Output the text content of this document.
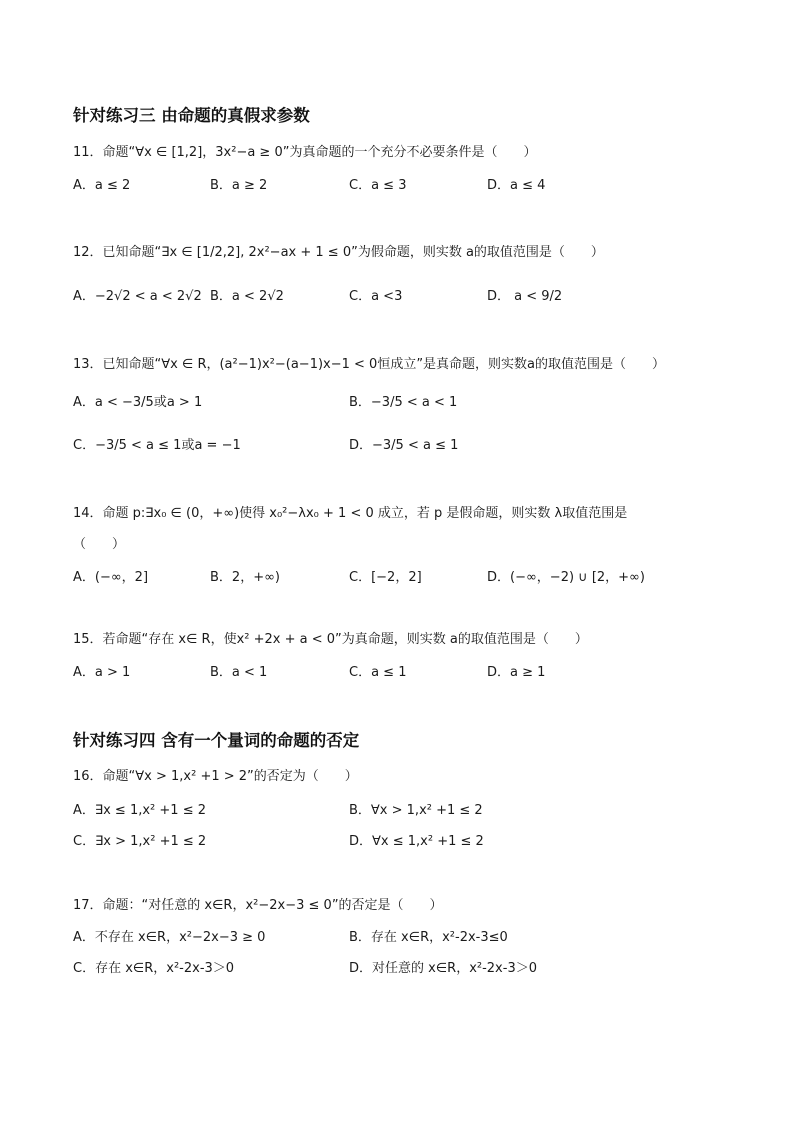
针对练习三 由命题的真假求参数
11．命题“∀x ∈ [1,2]，3x²−a ≥ 0”为真命题的一个充分不必要条件是（　　）
A．a ≤ 2	B．a ≥ 2	C．a ≤ 3	D．a ≤ 4
12．已知命题“∃x ∈ [1/2,2], 2x²−ax + 1 ≤ 0”为假命题，则实数 a的取值范围是（　　）
A．−2√2 < a < 2√2 B．a < 2√2	C．a <3	D． a < 9/2
13．已知命题“∀x ∈ R，(a²−1)x²−(a−1)x−1 < 0恒成立”是真命题，则实数a的取值范围是（　　）
A．a < −3/5或a > 1	B．−3/5 < a < 1
C．−3/5 < a ≤ 1或a = −1	D．−3/5 < a ≤ 1
14．命题 p:∃x₀ ∈ (0，+∞)使得 x₀²−λx₀ + 1 < 0 成立，若 p 是假命题，则实数 λ取值范围是
（　　）
A．(−∞，2]	B．2，+∞)	C．[−2，2]	D．(−∞，−2) ∪ [2，+∞)
15．若命题“存在 x∈ R，使x² +2x + a < 0”为真命题，则实数 a的取值范围是（　　）
A．a > 1	B．a < 1	C．a ≤ 1	D．a ≥ 1
针对练习四 含有一个量词的命题的否定
16．命题“∀x > 1,x² +1 > 2”的否定为（　　）
A．∃x ≤ 1,x² +1 ≤ 2	B．∀x > 1,x² +1 ≤ 2
C．∃x > 1,x² +1 ≤ 2	D．∀x ≤ 1,x² +1 ≤ 2
17．命题：“对任意的 x∈R，x²−2x−3 ≤ 0”的否定是（　　）
A．不存在 x∈R，x²−2x−3 ≥ 0	B．存在 x∈R，x²-2x-3≤0
C．存在 x∈R，x²-2x-3＞0	D．对任意的 x∈R，x²-2x-3＞0
